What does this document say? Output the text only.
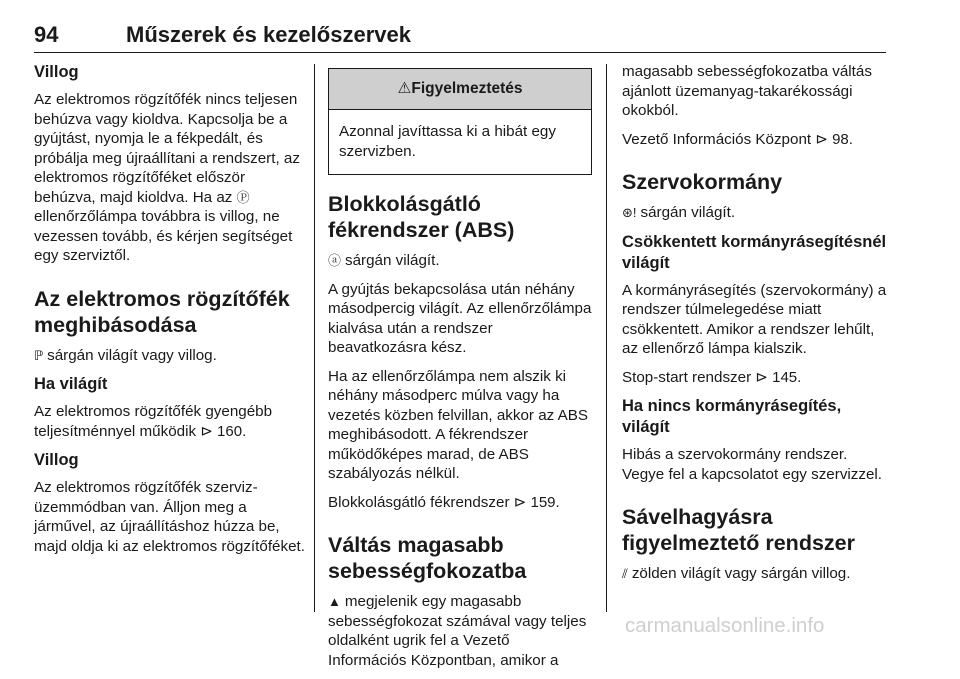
94	Műszerek és kezelőszervek
Villog

Az elektromos rögzítőfék nincs teljesen behúzva vagy kioldva. Kapcsolja be a gyújtást, nyomja le a fékpedált, és próbálja meg újraállítani a rendszert, az elektromos rögzítőféket először behúzva, majd kioldva. Ha az Ⓟellenőrzőlámpa továbbra is villog, ne vezessen tovább, és kérjen segítséget egy szerviztől.

Az elektromos rögzítőfék meghibásodása

ℙ sárgán világít vagy villog.

Ha világít

Az elektromos rögzítőfék gyengébb teljesítménnyel működik ⊳ 160.

Villog

Az elektromos rögzítőfék szerviz-üzemmódban van. Álljon meg a járművel, az újraállításhoz húzza be, majd oldja ki az elektromos rögzítőféket.

⚠Figyelmeztetés

Azonnal javíttassa ki a hibát egy szervizben.

Blokkolásgátló fékrendszer (ABS)

ⓐ sárgán világít.

A gyújtás bekapcsolása után néhány másodpercig világít. Az ellenőrzőlámpa kialvása után a rendszer beavatkozásra kész.

Ha az ellenőrzőlámpa nem alszik ki néhány másodperc múlva vagy ha vezetés közben felvillan, akkor az ABS meghibásodott. A fékrendszer működőképes marad, de ABS szabályozás nélkül.

Blokkolásgátló fékrendszer ⊳ 159.

Váltás magasabb sebességfokozatba

▲ megjelenik egy magasabb sebességfokozat számával vagy teljes oldalként ugrik fel a Vezető Információs Központban, amikor a

magasabb sebességfokozatba váltás ajánlott üzemanyag-takarékossági okokból.

Vezető Információs Központ ⊳ 98.

Szervokormány

⊛! sárgán világít.

Csökkentett kormányrásegítésnél világít

A kormányrásegítés (szervokormány) a rendszer túlmelegedése miatt csökkentett. Amikor a rendszer lehűlt, az ellenőrző lámpa kialszik.

Stop-start rendszer ⊳ 145.

Ha nincs kormányrásegítés, világít

Hibás a szervokormány rendszer. Vegye fel a kapcsolatot egy szervizzel.

Sávelhagyásra figyelmeztető rendszer

⫽ zölden világít vagy sárgán villog.

carmanualsonline.info
